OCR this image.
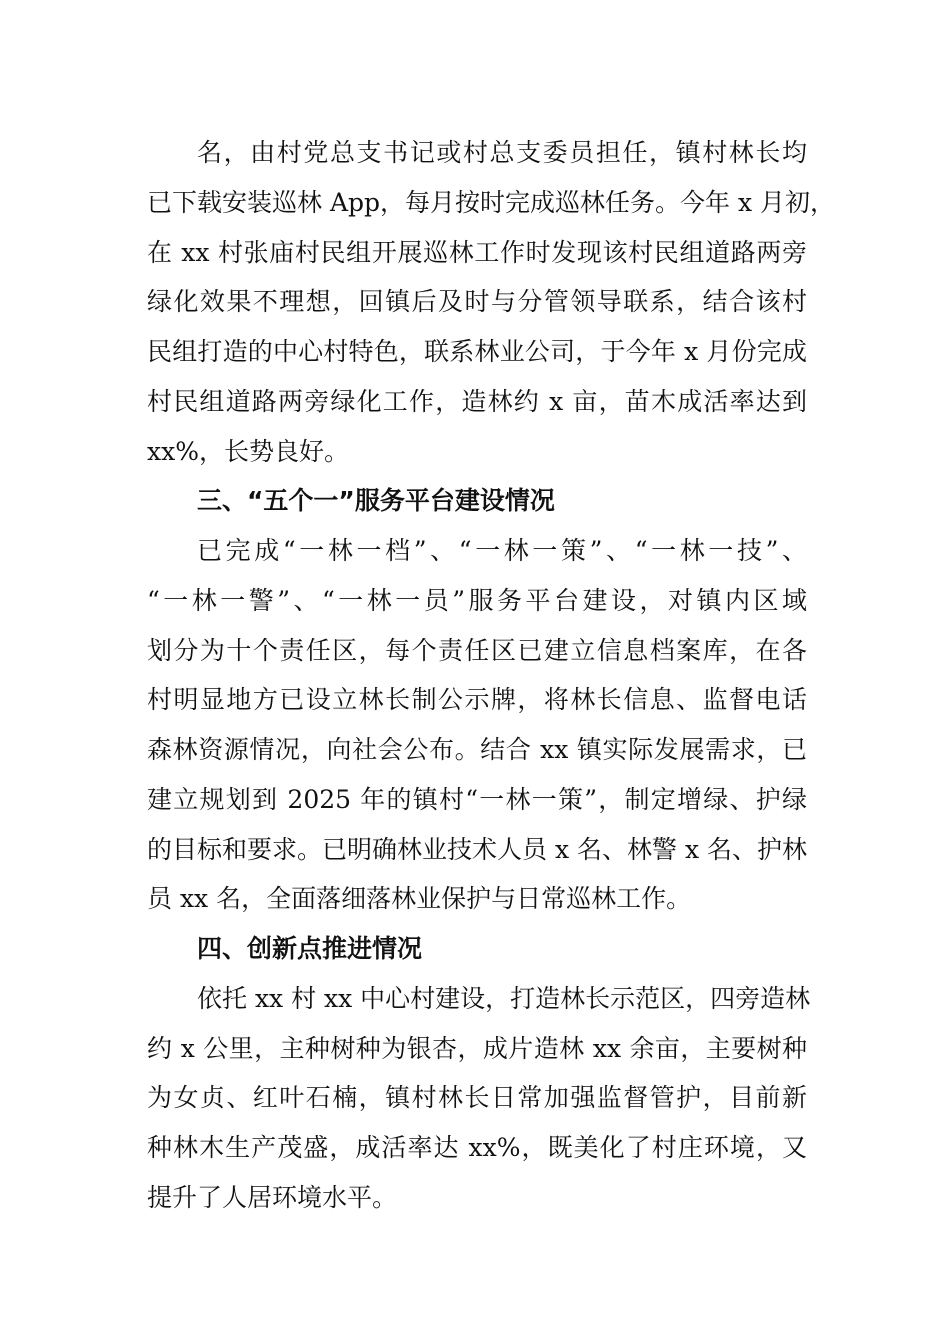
名，由村党总支书记或村总支委员担任，镇村林长均
已下载安装巡林 App，每月按时完成巡林任务。今年 x 月初，
在 xx 村张庙村民组开展巡林工作时发现该村民组道路两旁
绿化效果不理想，回镇后及时与分管领导联系，结合该村
民组打造的中心村特色，联系林业公司，于今年 x 月份完成
村民组道路两旁绿化工作，造林约 x 亩，苗木成活率达到
xx%，长势良好。
三、“五个一”服务平台建设情况
已完成“一林一档”、“一林一策”、“一林一技”、
“一林一警”、“一林一员”服务平台建设，对镇内区域
划分为十个责任区，每个责任区已建立信息档案库，在各
村明显地方已设立林长制公示牌，将林长信息、监督电话
森林资源情况，向社会公布。结合 xx 镇实际发展需求，已
建立规划到 2025 年的镇村“一林一策”，制定增绿、护绿
的目标和要求。已明确林业技术人员 x 名、林警 x 名、护林
员 xx 名，全面落细落林业保护与日常巡林工作。
四、创新点推进情况
依托 xx 村 xx 中心村建设，打造林长示范区，四旁造林
约 x 公里，主种树种为银杏，成片造林 xx 余亩，主要树种
为女贞、红叶石楠，镇村林长日常加强监督管护，目前新
种林木生产茂盛，成活率达 xx%，既美化了村庄环境，又
提升了人居环境水平。
